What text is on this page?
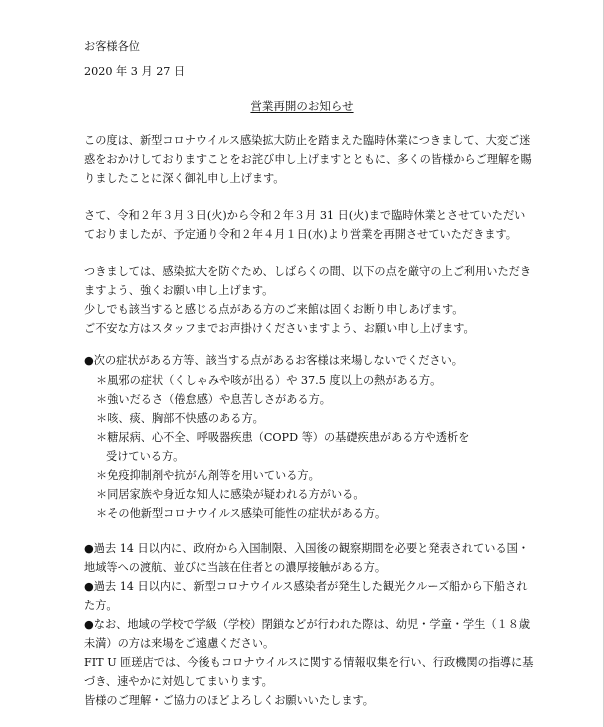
お客様各位
2020 年 3 月 27 日
営業再開のお知らせ
この度は、新型コロナウイルス感染拡大防止を踏まえた臨時休業につきまして、大変ご迷
惑をおかけしておりますことをお詫び申し上げますとともに、多くの皆様からご理解を賜
りましたことに深く御礼申し上げます。
さて、令和２年３月３日(火)から令和２年３月 31 日(火)まで臨時休業とさせていただい
ておりましたが、予定通り令和２年４月１日(水)より営業を再開させていただきます。
つきましては、感染拡大を防ぐため、しばらくの間、以下の点を厳守の上ご利用いただき
ますよう、強くお願い申し上げます。
少しでも該当すると感じる点がある方のご来館は固くお断り申しあげます。
ご不安な方はスタッフまでお声掛けくださいますよう、お願い申し上げます。
●次の症状がある方等、該当する点があるお客様は来場しないでください。
＊風邪の症状（くしゃみや咳が出る）や 37.5 度以上の熱がある方。
＊強いだるさ（倦怠感）や息苦しさがある方。
＊咳、痰、胸部不快感のある方。
＊糖尿病、心不全、呼吸器疾患（COPD 等）の基礎疾患がある方や透析を
受けている方。
＊免疫抑制剤や抗がん剤等を用いている方。
＊同居家族や身近な知人に感染が疑われる方がいる。
＊その他新型コロナウイルス感染可能性の症状がある方。
●過去 14 日以内に、政府から入国制限、入国後の観察期間を必要と発表されている国・
地域等への渡航、並びに当該在住者との濃厚接触がある方。
●過去 14 日以内に、新型コロナウイルス感染者が発生した観光クルーズ船から下船され
た方。
●なお、地域の学校で学級（学校）閉鎖などが行われた際は、幼児・学童・学生（１８歳
未満）の方は来場をご遠慮ください。
FIT U 匝瑳店では、今後もコロナウイルスに関する情報収集を行い、行政機関の指導に基
づき、速やかに対処してまいります。
皆様のご理解・ご協力のほどよろしくお願いいたします。
